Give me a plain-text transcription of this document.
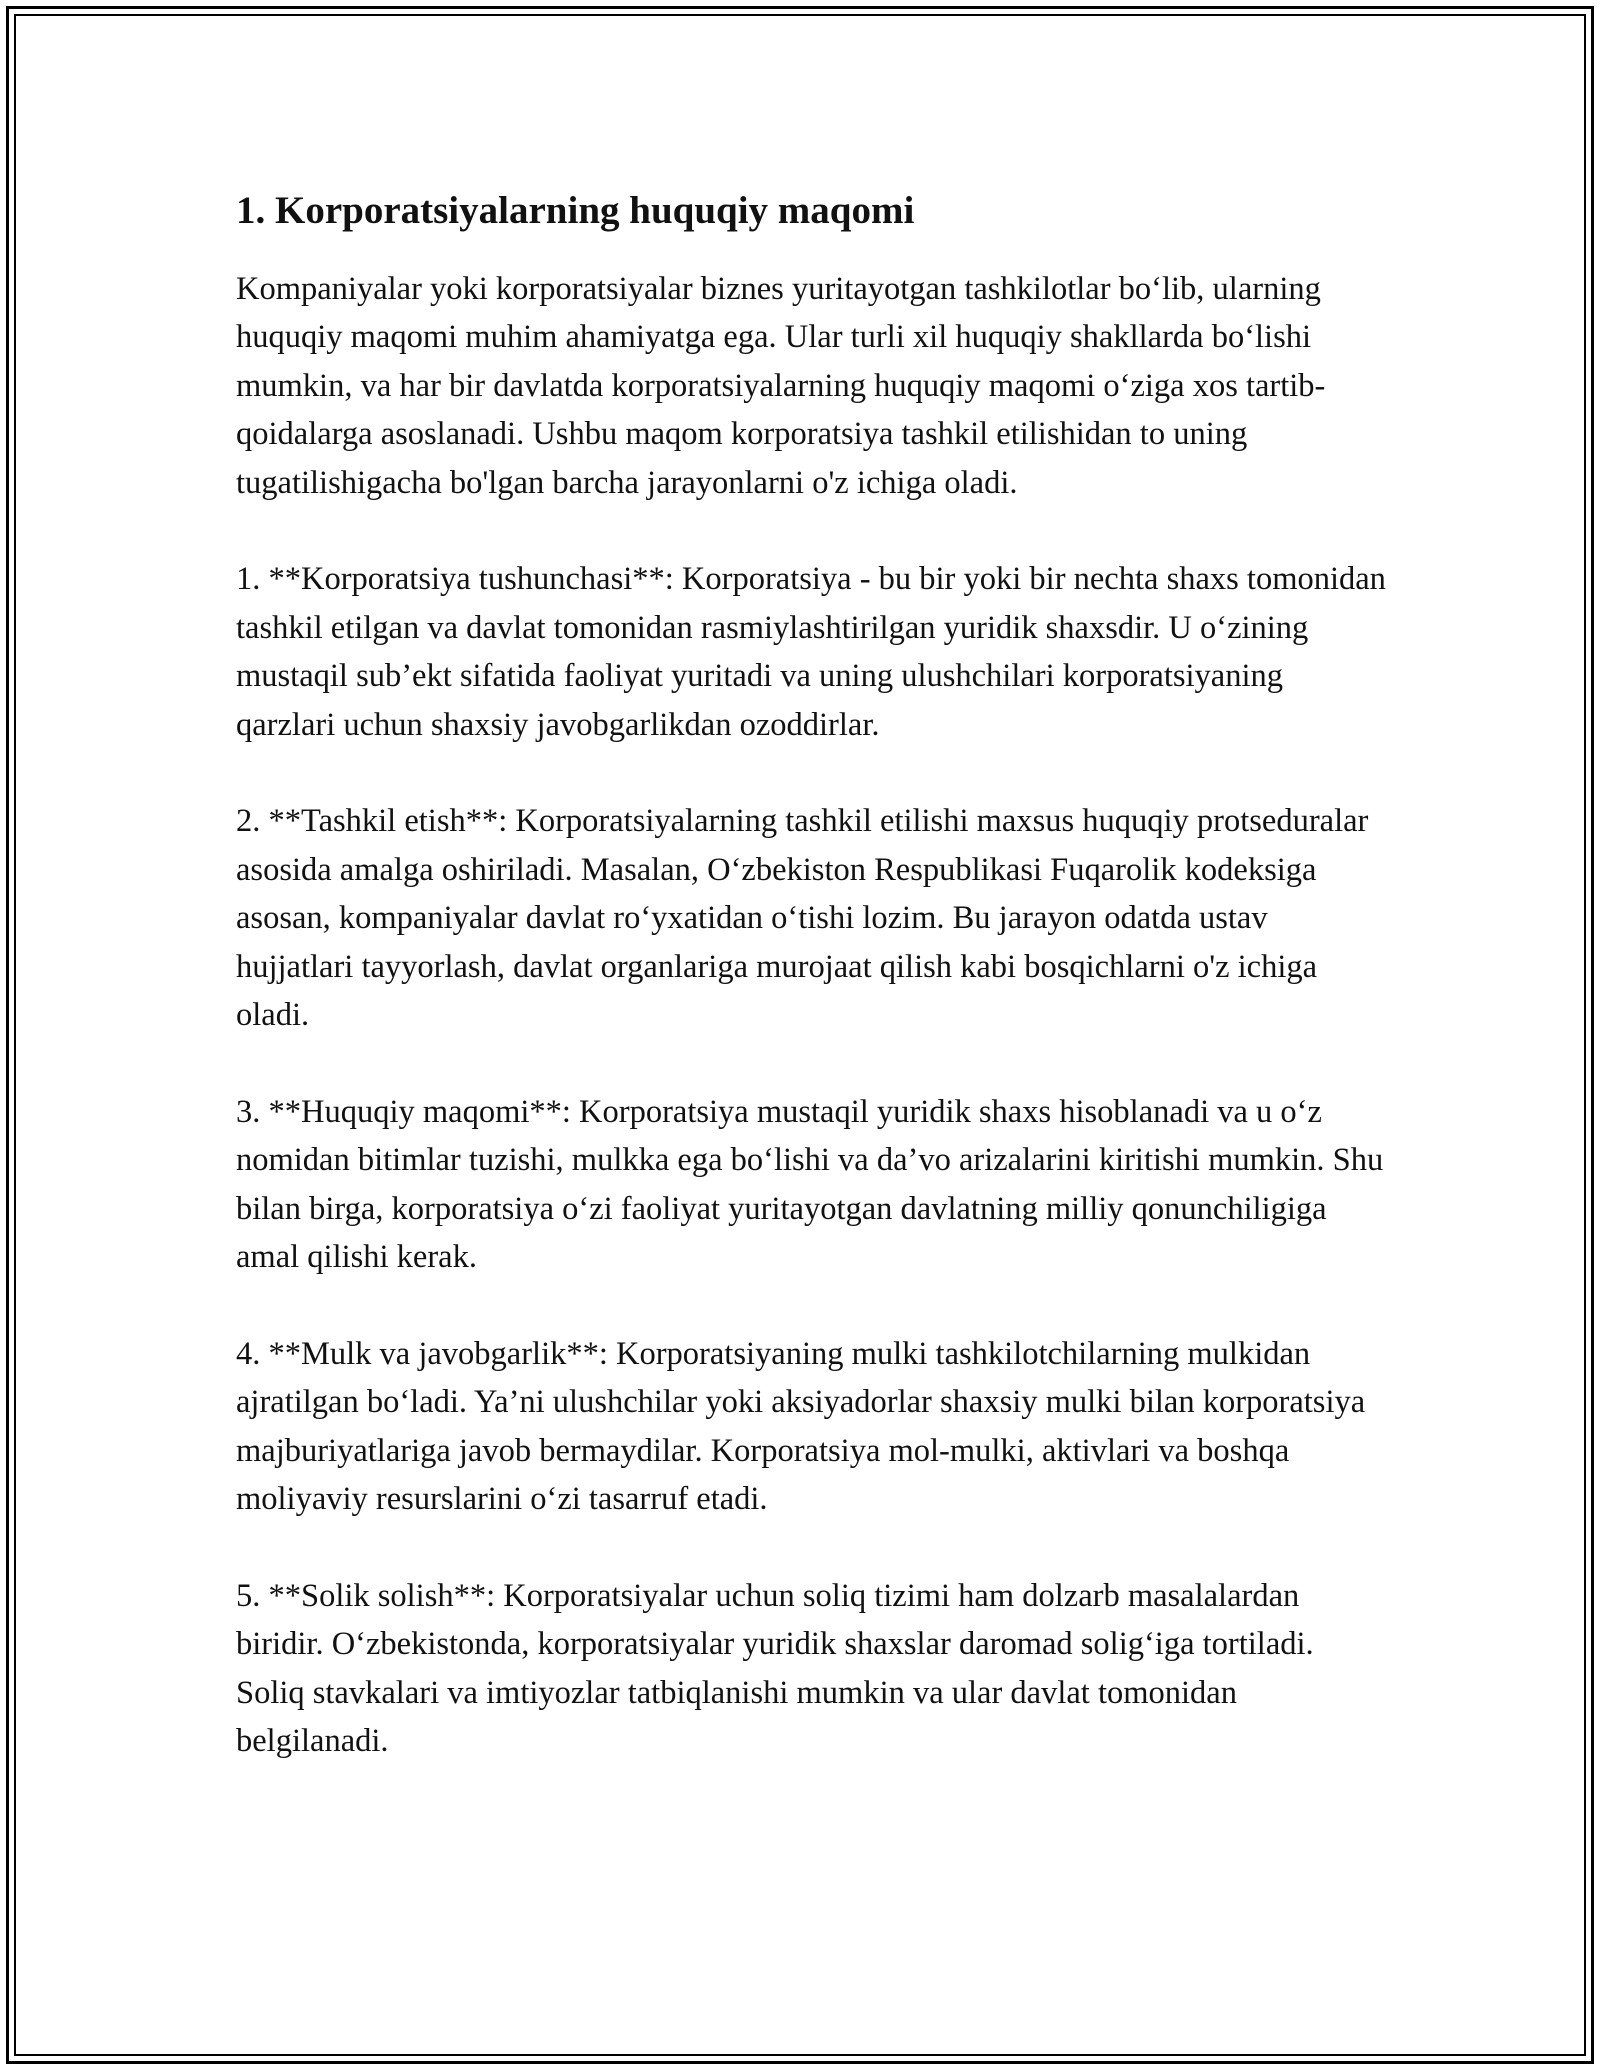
1. Korporatsiyalarning huquqiy maqomi

Kompaniyalar yoki korporatsiyalar biznes yuritayotgan tashkilotlar bo‘lib, ularning huquqiy maqomi muhim ahamiyatga ega. Ular turli xil huquqiy shakllarda bo‘lishi mumkin, va har bir davlatda korporatsiyalarning huquqiy maqomi o‘ziga xos tartib-qoidalarga asoslanadi. Ushbu maqom korporatsiya tashkil etilishidan to uning tugatilishigacha bo'lgan barcha jarayonlarni o'z ichiga oladi.

1. **Korporatsiya tushunchasi**: Korporatsiya - bu bir yoki bir nechta shaxs tomonidan tashkil etilgan va davlat tomonidan rasmiylashtirilgan yuridik shaxsdir. U o‘zining mustaqil sub’ekt sifatida faoliyat yuritadi va uning ulushchilari korporatsiyaning qarzlari uchun shaxsiy javobgarlikdan ozoddirlar.

2. **Tashkil etish**: Korporatsiyalarning tashkil etilishi maxsus huquqiy protseduralar asosida amalga oshiriladi. Masalan, O‘zbekiston Respublikasi Fuqarolik kodeksiga asosan, kompaniyalar davlat ro‘yxatidan o‘tishi lozim. Bu jarayon odatda ustav hujjatlari tayyorlash, davlat organlariga murojaat qilish kabi bosqichlarni o'z ichiga oladi.

3. **Huquqiy maqomi**: Korporatsiya mustaqil yuridik shaxs hisoblanadi va u o‘z nomidan bitimlar tuzishi, mulkka ega bo‘lishi va da’vo arizalarini kiritishi mumkin. Shu bilan birga, korporatsiya o‘zi faoliyat yuritayotgan davlatning milliy qonunchiligiga amal qilishi kerak.

4. **Mulk va javobgarlik**: Korporatsiyaning mulki tashkilotchilarning mulkidan ajratilgan bo‘ladi. Ya’ni ulushchilar yoki aksiyadorlar shaxsiy mulki bilan korporatsiya majburiyatlariga javob bermaydilar. Korporatsiya mol-mulki, aktivlari va boshqa moliyaviy resurslarini o‘zi tasarruf etadi.

5. **Solik solish**: Korporatsiyalar uchun soliq tizimi ham dolzarb masalalardan biridir. O‘zbekistonda, korporatsiyalar yuridik shaxslar daromad solig‘iga tortiladi. Soliq stavkalari va imtiyozlar tatbiqlanishi mumkin va ular davlat tomonidan belgilanadi.
